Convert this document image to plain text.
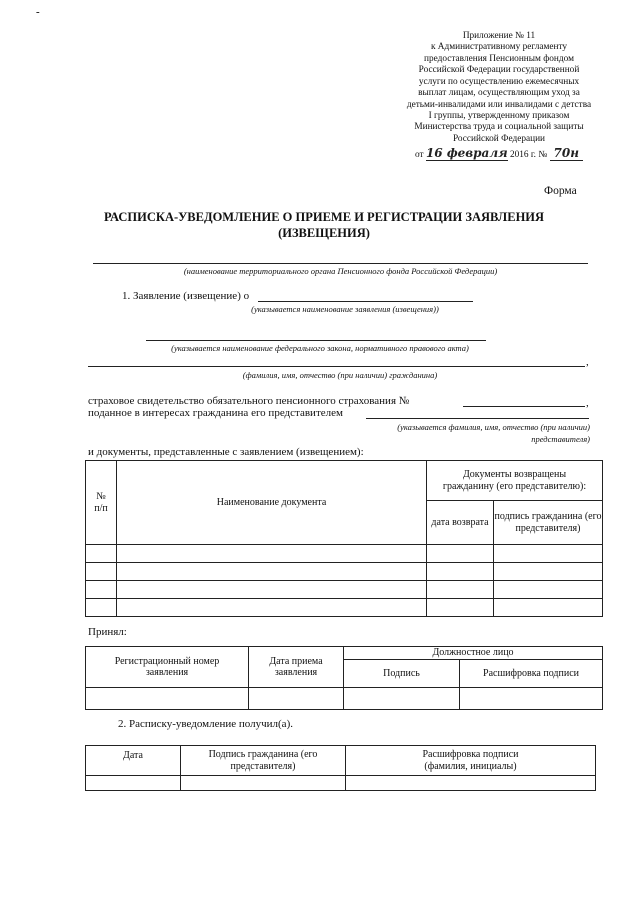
-
Приложение № 11
к Административному регламенту
предоставления Пенсионным фондом
Российской Федерации государственной
услуги по осуществлению ежемесячных
выплат лицам, осуществляющим уход за
детьми-инвалидами или инвалидами с детства
I группы, утвержденному приказом
Министерства труда и социальной защиты
Российской Федерации
от 16 февраля 2016 г. № 70н
Форма
РАСПИСКА-УВЕДОМЛЕНИЕ О ПРИЕМЕ И РЕГИСТРАЦИИ ЗАЯВЛЕНИЯ
(ИЗВЕЩЕНИЯ)
(наименование территориального органа Пенсионного фонда Российской Федерации)
1. Заявление (извещение) о
(указывается наименование заявления (извещения))
(указывается наименование федерального закона, нормативного правового акта)
,
(фамилия, имя, отчество (при наличии) гражданина)
страховое свидетельство обязательного пенсионного страхования №	,
поданное в интересах гражданина его представителем
(указывается фамилия, имя, отчество (при наличии)
представителя)
и документы, представленные с заявлением (извещением):
№ п/п	Наименование документа	Документы возвращены гражданину (его представителю):	
		дата возврата	подпись гражданина (его представителя)

Принял:
Регистрационный номер заявления	Дата приема заявления	Должностное лицо	
		Подпись	Расшифровка подписи

2. Расписку-уведомление получил(а).
Дата	Подпись гражданина (его представителя)	Расшифровка подписи (фамилия, инициалы)
